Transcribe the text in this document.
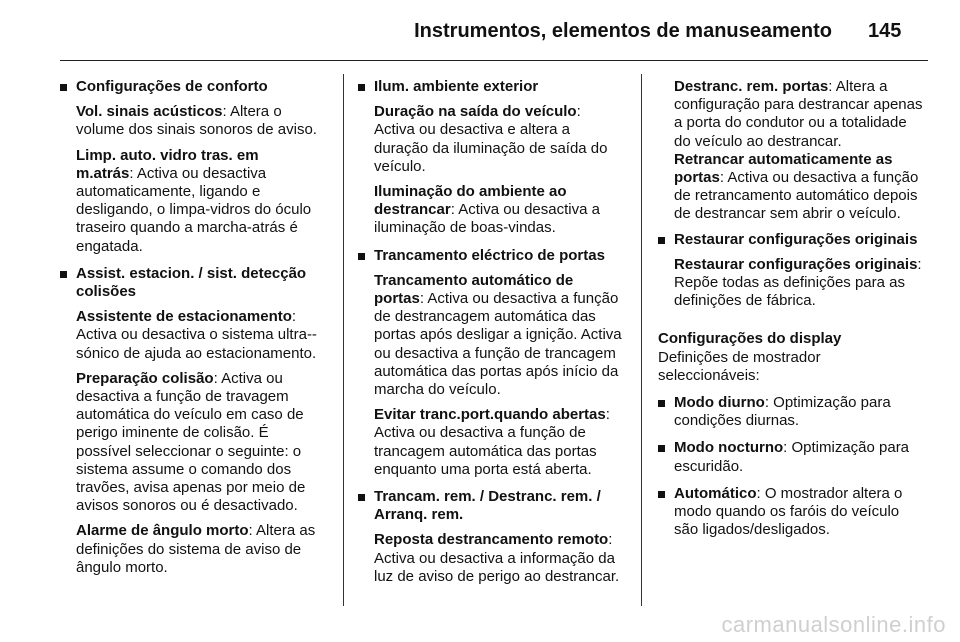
Instrumentos, elementos de manuseamento 145
Configurações de conforto
Vol. sinais acústicos: Altera o volume dos sinais sonoros de aviso.
Limp. auto. vidro tras. em m.atrás: Activa ou desactiva automaticamente, ligando e desligando, o limpa-vidros do óculo traseiro quando a marcha-atrás é engatada.
Assist. estacion. / sist. detecção colisões
Assistente de estacionamento: Activa ou desactiva o sistema ultra--sónico de ajuda ao estacionamento.
Preparação colisão: Activa ou desactiva a função de travagem automática do veículo em caso de perigo iminente de colisão. É possível seleccionar o seguinte: o sistema assume o comando dos travões, avisa apenas por meio de avisos sonoros ou é desactivado.
Alarme de ângulo morto: Altera as definições do sistema de aviso de ângulo morto.
Ilum. ambiente exterior
Duração na saída do veículo: Activa ou desactiva e altera a duração da iluminação de saída do veículo.
Iluminação do ambiente ao destrancar: Activa ou desactiva a iluminação de boas-vindas.
Trancamento eléctrico de portas
Trancamento automático de portas: Activa ou desactiva a função de destrancagem automática das portas após desligar a ignição. Activa ou desactiva a função de trancagem automática das portas após início da marcha do veículo.
Evitar tranc.port.quando abertas: Activa ou desactiva a função de trancagem automática das portas enquanto uma porta está aberta.
Trancam. rem. / Destranc. rem. / Arranq. rem.
Reposta destrancamento remoto: Activa ou desactiva a informação da luz de aviso de perigo ao destrancar.
Destranc. rem. portas: Altera a configuração para destrancar apenas a porta do condutor ou a totalidade do veículo ao destrancar.
Retrancar automaticamente as portas: Activa ou desactiva a função de retrancamento automático depois de destrancar sem abrir o veículo.
Restaurar configurações originais
Restaurar configurações originais: Repõe todas as definições para as definições de fábrica.
Configurações do display
Definições de mostrador seleccionáveis:
Modo diurno: Optimização para condições diurnas.
Modo nocturno: Optimização para escuridão.
Automático: O mostrador altera o modo quando os faróis do veículo são ligados/desligados.
carmanualsonline.info
